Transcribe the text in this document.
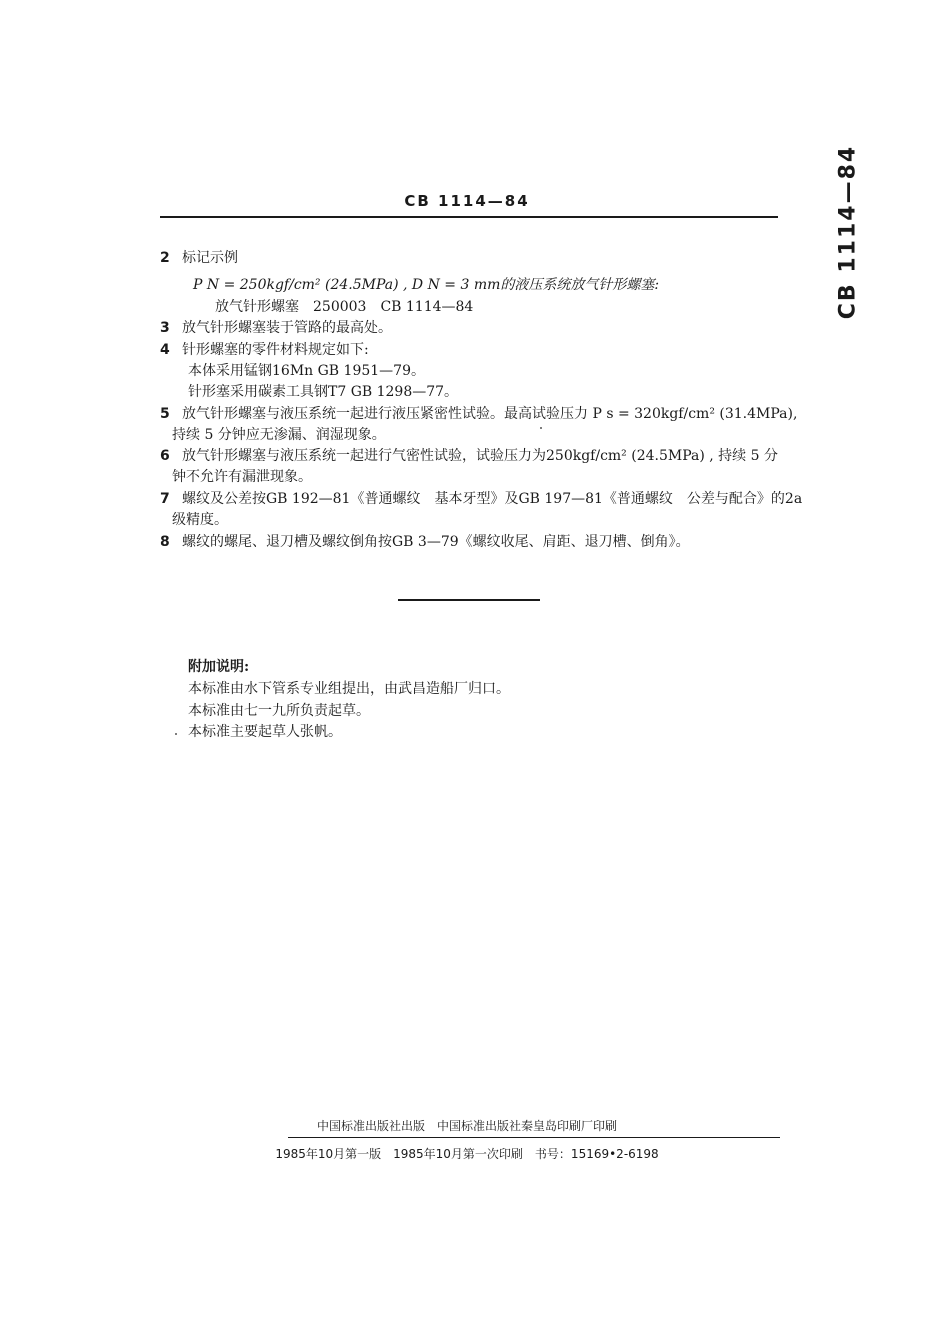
CB 1114—84	CB 1114—84
2 标记示例
P N = 250kgf/cm² (24.5MPa) , D N = 3 mm的液压系统放气针形螺塞:
放气针形螺塞　250003　CB 1114—84
3 放气针形螺塞装于管路的最高处。
4 针形螺塞的零件材料规定如下:
本体采用锰钢16Mn GB 1951—79。
针形塞采用碳素工具钢T7 GB 1298—77。
5 放气针形螺塞与液压系统一起进行液压紧密性试验。最高试验压力 P s = 320kgf/cm² (31.4MPa),
持续 5 分钟应无渗漏、润湿现象。
6 放气针形螺塞与液压系统一起进行气密性试验，试验压力为250kgf/cm² (24.5MPa) , 持续 5 分
钟不允许有漏泄现象。
7 螺纹及公差按GB 192—81《普通螺纹　基本牙型》及GB 197—81《普通螺纹　公差与配合》的2a
级精度。
8 螺纹的螺尾、退刀槽及螺纹倒角按GB 3—79《螺纹收尾、肩距、退刀槽、倒角》。
附加说明:
本标准由水下管系专业组提出，由武昌造船厂归口。
本标准由七一九所负责起草。
本标准主要起草人张帆。
中国标准出版社出版　中国标准出版社秦皇岛印刷厂印刷
1985年10月第一版　1985年10月第一次印刷　书号：15169•2-6198
